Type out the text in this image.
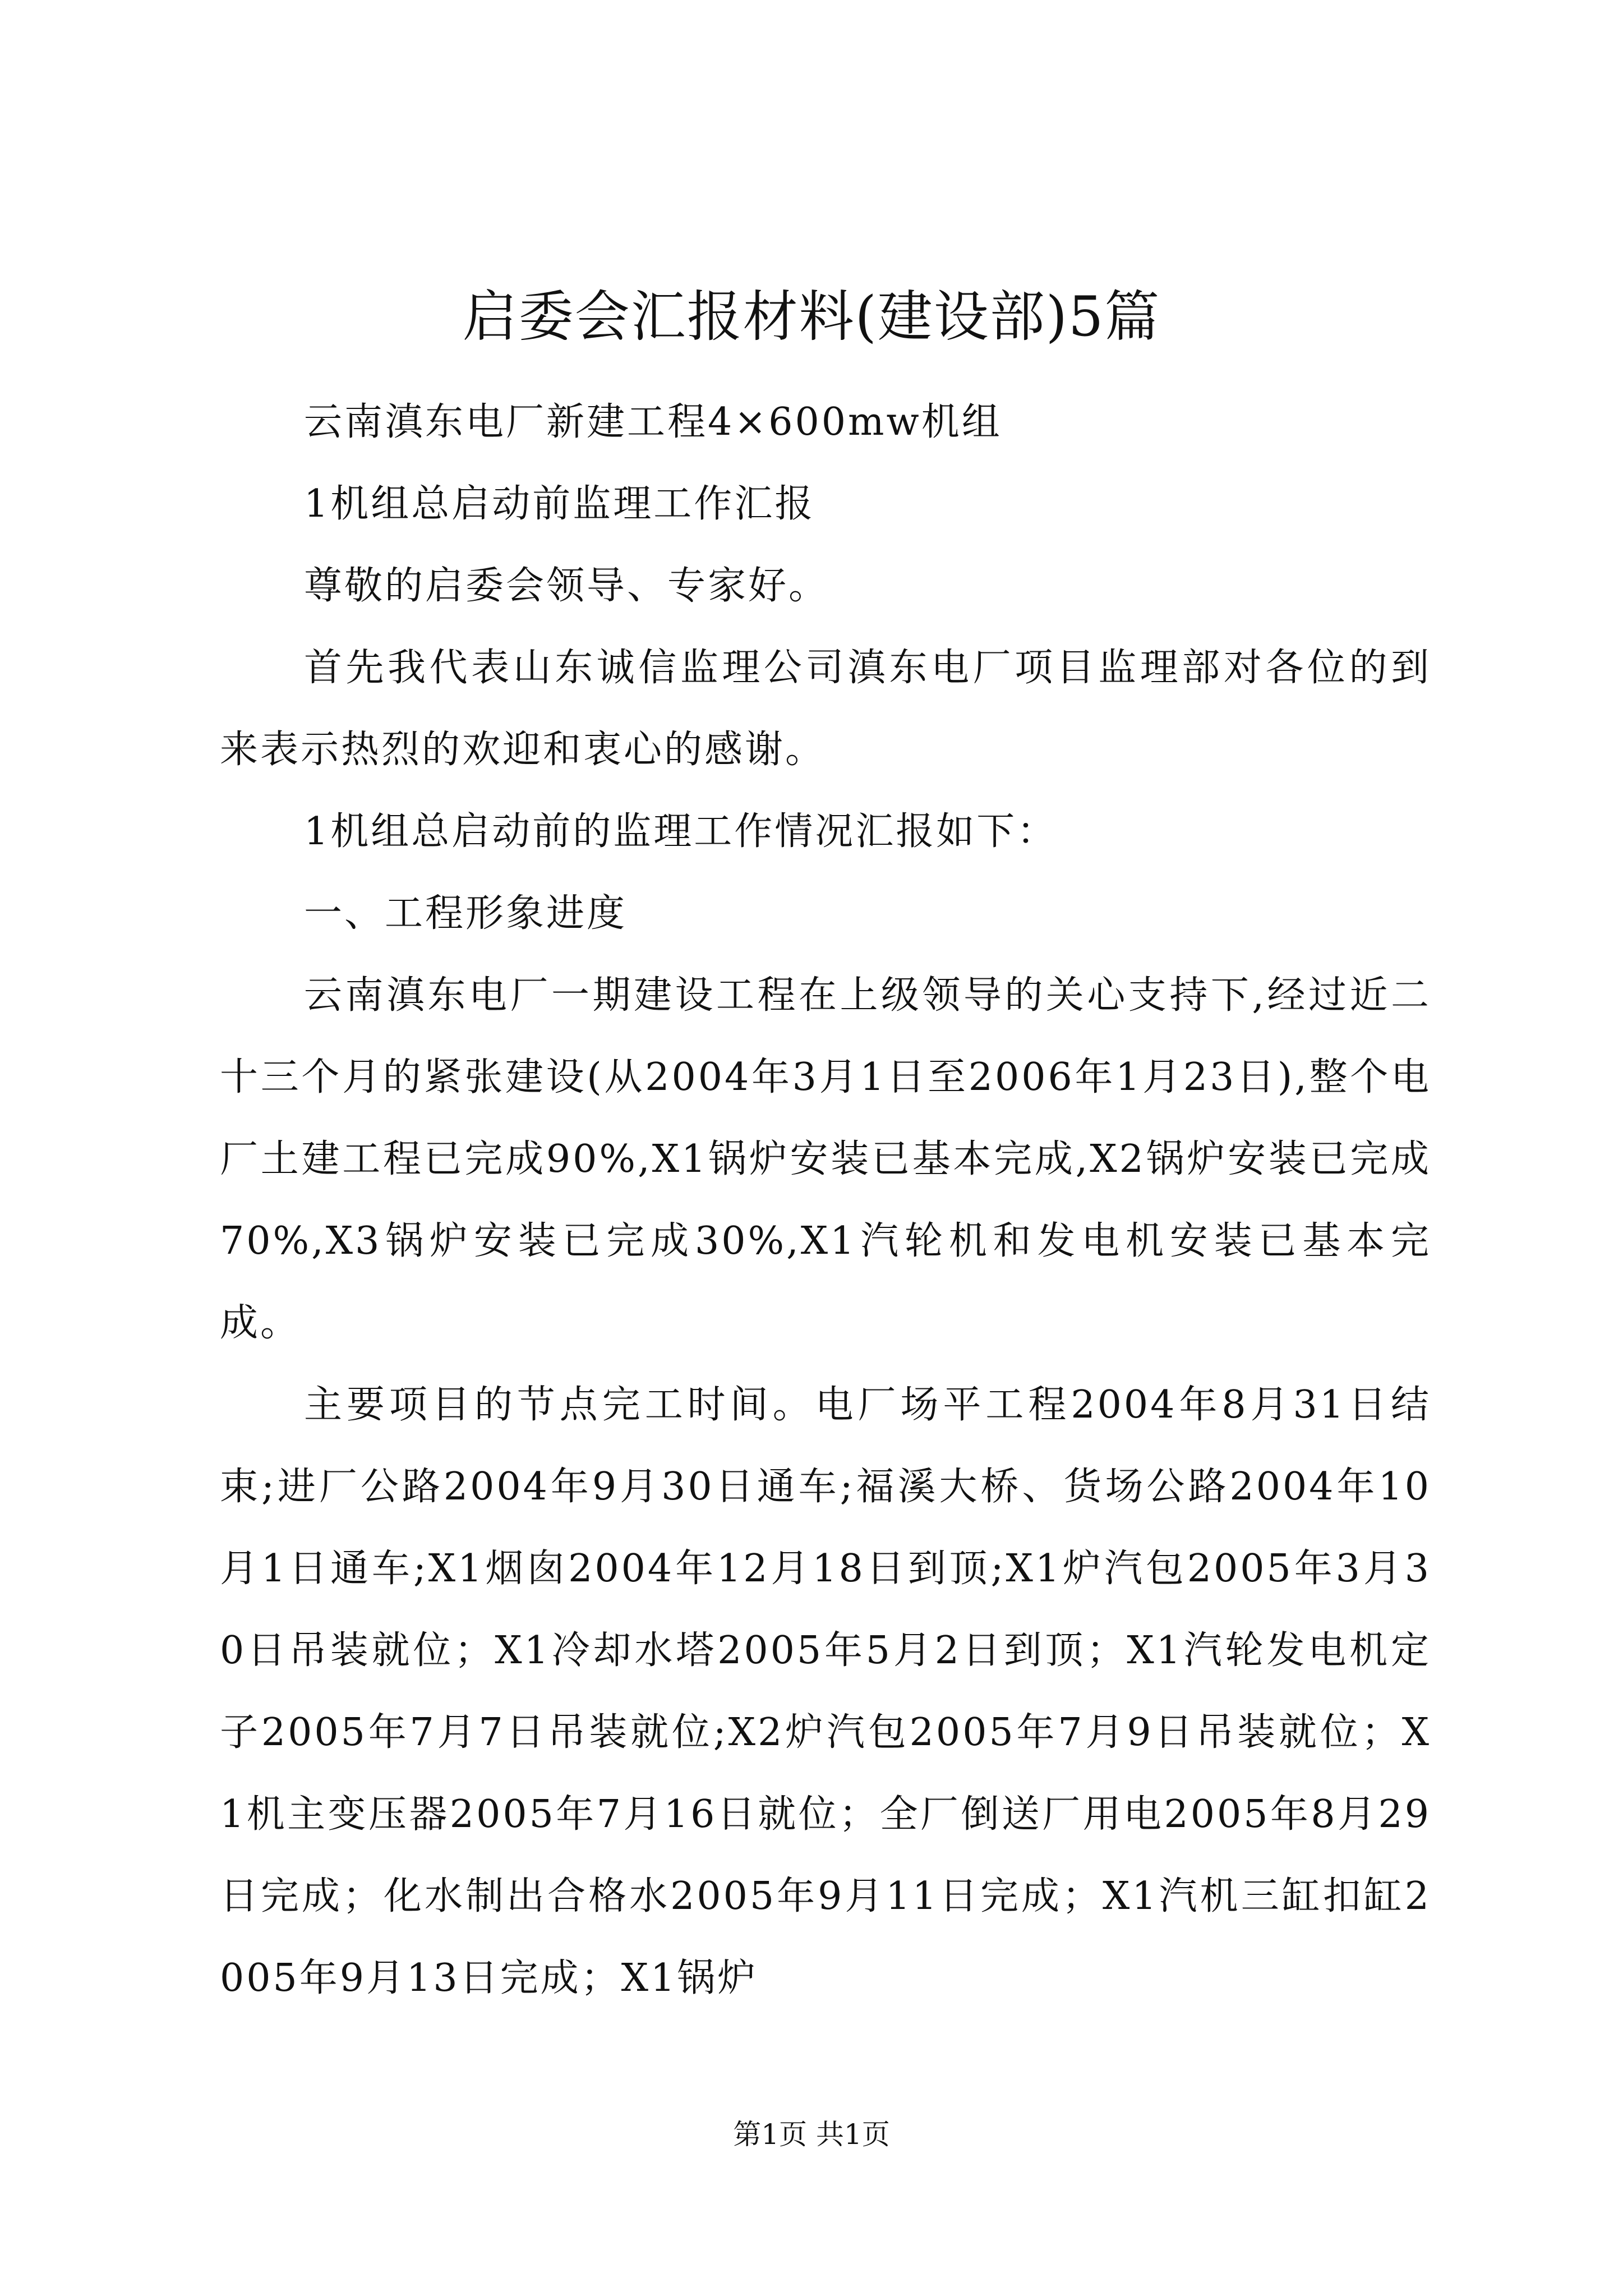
启委会汇报材料(建设部)5篇

云南滇东电厂新建工程4×600mw机组

1机组总启动前监理工作汇报

尊敬的启委会领导、专家好。

首先我代表山东诚信监理公司滇东电厂项目监理部对各位的到来表示热烈的欢迎和衷心的感谢。

1机组总启动前的监理工作情况汇报如下：

一、工程形象进度

云南滇东电厂一期建设工程在上级领导的关心支持下,经过近二十三个月的紧张建设(从2004年3月1日至2006年1月23日),整个电厂土建工程已完成90%,X1锅炉安装已基本完成,X2锅炉安装已完成70%,X3锅炉安装已完成30%,X1汽轮机和发电机安装已基本完成。

主要项目的节点完工时间。电厂场平工程2004年8月31日结束;进厂公路2004年9月30日通车;福溪大桥、货场公路2004年10月1日通车;X1烟囱2004年12月18日到顶;X1炉汽包2005年3月30日吊装就位；X1冷却水塔2005年5月2日到顶；X1汽轮发电机定子2005年7月7日吊装就位;X2炉汽包2005年7月9日吊装就位；X1机主变压器2005年7月16日就位；全厂倒送厂用电2005年8月29日完成；化水制出合格水2005年9月11日完成；X1汽机三缸扣缸2005年9月13日完成；X1锅炉

第1页 共1页
